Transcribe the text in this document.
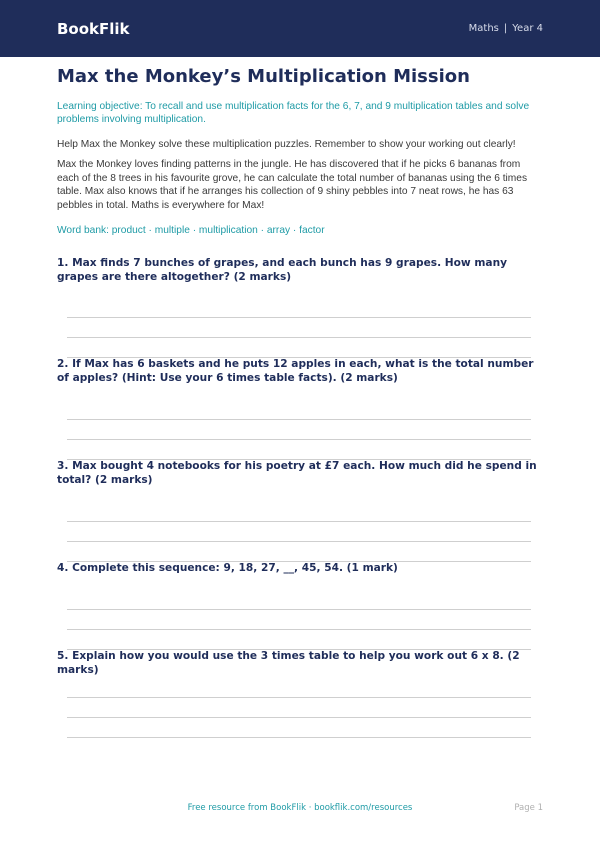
BookFlik	Maths | Year 4
Max the Monkey’s Multiplication Mission

Learning objective: To recall and use multiplication facts for the 6, 7, and 9 multiplication tables and solve problems involving multiplication.

Help Max the Monkey solve these multiplication puzzles. Remember to show your working out clearly!

Max the Monkey loves finding patterns in the jungle. He has discovered that if he picks 6 bananas from each of the 8 trees in his favourite grove, he can calculate the total number of bananas using the 6 times table. Max also knows that if he arranges his collection of 9 shiny pebbles into 7 neat rows, he has 63 pebbles in total. Maths is everywhere for Max!

Word bank: product · multiple · multiplication · array · factor

1. Max finds 7 bunches of grapes, and each bunch has 9 grapes. How many grapes are there altogether? (2 marks)

2. If Max has 6 baskets and he puts 12 apples in each, what is the total number of apples? (Hint: Use your 6 times table facts). (2 marks)

3. Max bought 4 notebooks for his poetry at £7 each. How much did he spend in total? (2 marks)

4. Complete this sequence: 9, 18, 27, __, 45, 54. (1 mark)

5. Explain how you would use the 3 times table to help you work out 6 x 8. (2 marks)

Free resource from BookFlik · bookflik.com/resources	Page 1
